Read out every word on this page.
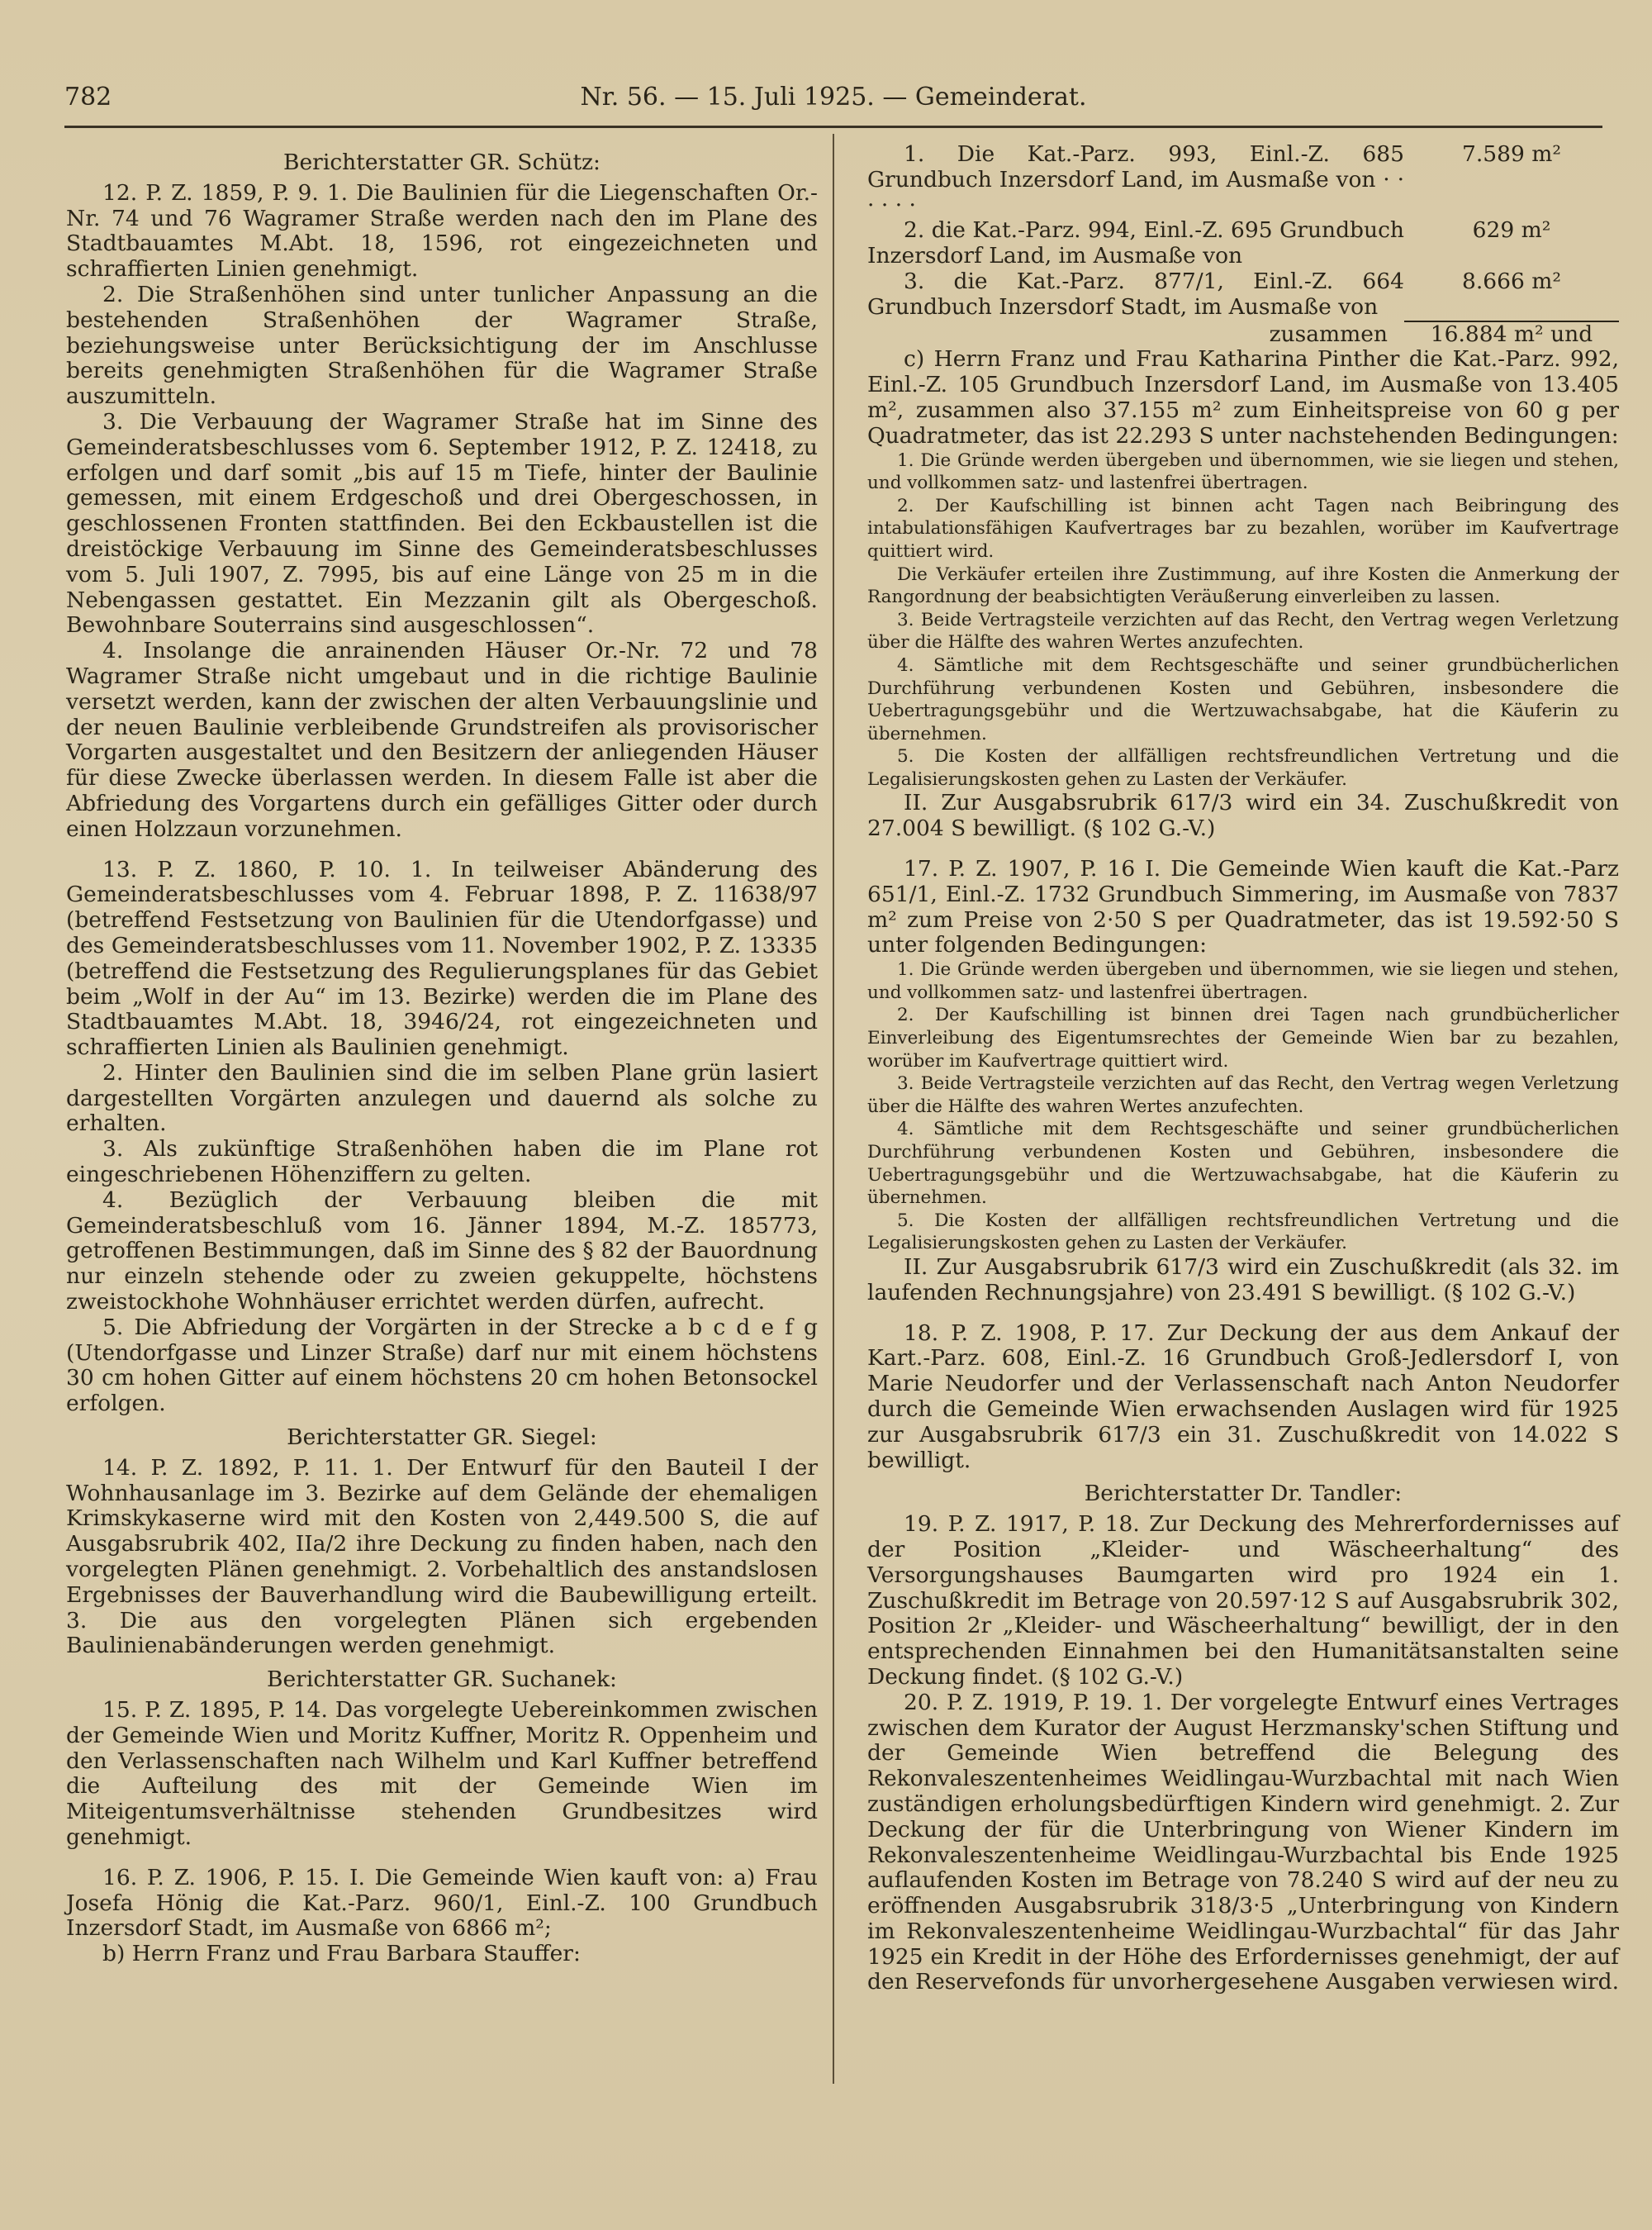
782	Nr. 56. — 15. Juli 1925. — Gemeinderat.
Berichterstatter GR. Schütz:

12. P. Z. 1859, P. 9. 1. Die Baulinien für die Liegenschaften Or.-Nr. 74 und 76 Wagramer Straße werden nach den im Plane des Stadtbauamtes M.Abt. 18, 1596, rot eingezeichneten und schraffierten Linien genehmigt.

2. Die Straßenhöhen sind unter tunlicher Anpassung an die bestehenden Straßenhöhen der Wagramer Straße, beziehungsweise unter Berücksichtigung der im Anschlusse bereits genehmigten Straßenhöhen für die Wagramer Straße auszumitteln.

3. Die Verbauung der Wagramer Straße hat im Sinne des Gemeinderatsbeschlusses vom 6. September 1912, P. Z. 12418, zu erfolgen und darf somit „bis auf 15 m Tiefe, hinter der Baulinie gemessen, mit einem Erdgeschoß und drei Obergeschossen, in geschlossenen Fronten stattfinden. Bei den Eckbaustellen ist die dreistöckige Verbauung im Sinne des Gemeinderatsbeschlusses vom 5. Juli 1907, Z. 7995, bis auf eine Länge von 25 m in die Nebengassen gestattet. Ein Mezzanin gilt als Obergeschoß. Bewohnbare Souterrains sind ausgeschlossen“.

4. Insolange die anrainenden Häuser Or.-Nr. 72 und 78 Wagramer Straße nicht umgebaut und in die richtige Baulinie versetzt werden, kann der zwischen der alten Verbauungslinie und der neuen Baulinie verbleibende Grundstreifen als provisorischer Vorgarten ausgestaltet und den Besitzern der anliegenden Häuser für diese Zwecke überlassen werden. In diesem Falle ist aber die Abfriedung des Vorgartens durch ein gefälliges Gitter oder durch einen Holzzaun vorzunehmen.

13. P. Z. 1860, P. 10. 1. In teilweiser Abänderung des Gemeinderatsbeschlusses vom 4. Februar 1898, P. Z. 11638/97 (betreffend Festsetzung von Baulinien für die Utendorfgasse) und des Gemeinderatsbeschlusses vom 11. November 1902, P. Z. 13335 (betreffend die Festsetzung des Regulierungsplanes für das Gebiet beim „Wolf in der Au“ im 13. Bezirke) werden die im Plane des Stadtbauamtes M.Abt. 18, 3946/24, rot eingezeichneten und schraffierten Linien als Baulinien genehmigt.

2. Hinter den Baulinien sind die im selben Plane grün lasiert dargestellten Vorgärten anzulegen und dauernd als solche zu erhalten.

3. Als zukünftige Straßenhöhen haben die im Plane rot eingeschriebenen Höhenziffern zu gelten.

4. Bezüglich der Verbauung bleiben die mit Gemeinderatsbeschluß vom 16. Jänner 1894, M.-Z. 185773, getroffenen Bestimmungen, daß im Sinne des § 82 der Bauordnung nur einzeln stehende oder zu zweien gekuppelte, höchstens zweistockhohe Wohnhäuser errichtet werden dürfen, aufrecht.

5. Die Abfriedung der Vorgärten in der Strecke a b c d e f g (Utendorfgasse und Linzer Straße) darf nur mit einem höchstens 30 cm hohen Gitter auf einem höchstens 20 cm hohen Betonsockel erfolgen.

Berichterstatter GR. Siegel:

14. P. Z. 1892, P. 11. 1. Der Entwurf für den Bauteil I der Wohnhausanlage im 3. Bezirke auf dem Gelände der ehemaligen Krimskykaserne wird mit den Kosten von 2,449.500 S, die auf Ausgabsrubrik 402, IIa/2 ihre Deckung zu finden haben, nach den vorgelegten Plänen genehmigt. 2. Vorbehaltlich des anstandslosen Ergebnisses der Bauverhandlung wird die Baubewilligung erteilt. 3. Die aus den vorgelegten Plänen sich ergebenden Baulinienabänderungen werden genehmigt.

Berichterstatter GR. Suchanek:

15. P. Z. 1895, P. 14. Das vorgelegte Uebereinkommen zwischen der Gemeinde Wien und Moritz Kuffner, Moritz R. Oppenheim und den Verlassenschaften nach Wilhelm und Karl Kuffner betreffend die Aufteilung des mit der Gemeinde Wien im Miteigentumsverhältnisse stehenden Grundbesitzes wird genehmigt.

16. P. Z. 1906, P. 15. I. Die Gemeinde Wien kauft von: a) Frau Josefa Hönig die Kat.-Parz. 960/1, Einl.-Z. 100 Grundbuch Inzersdorf Stadt, im Ausmaße von 6866 m²;

b) Herrn Franz und Frau Barbara Stauffer:

1. Die Kat.-Parz. 993, Einl.-Z. 685 Grundbuch Inzersdorf Land, im Ausmaße von · · · · · ·
7.589 m²
2. die Kat.-Parz. 994, Einl.-Z. 695 Grundbuch Inzersdorf Land, im Ausmaße von
629 m²
3. die Kat.-Parz. 877/1, Einl.-Z. 664 Grundbuch Inzersdorf Stadt, im Ausmaße von
8.666 m²
zusammen	16.884 m² und

c) Herrn Franz und Frau Katharina Pinther die Kat.-Parz. 992, Einl.-Z. 105 Grundbuch Inzersdorf Land, im Ausmaße von 13.405 m², zusammen also 37.155 m² zum Einheitspreise von 60 g per Quadratmeter, das ist 22.293 S unter nachstehenden Bedingungen:

1. Die Gründe werden übergeben und übernommen, wie sie liegen und stehen, und vollkommen satz- und lastenfrei übertragen.

2. Der Kaufschilling ist binnen acht Tagen nach Beibringung des intabulationsfähigen Kaufvertrages bar zu bezahlen, worüber im Kaufvertrage quittiert wird.

Die Verkäufer erteilen ihre Zustimmung, auf ihre Kosten die Anmerkung der Rangordnung der beabsichtigten Veräußerung einverleiben zu lassen.

3. Beide Vertragsteile verzichten auf das Recht, den Vertrag wegen Verletzung über die Hälfte des wahren Wertes anzufechten.

4. Sämtliche mit dem Rechtsgeschäfte und seiner grundbücherlichen Durchführung verbundenen Kosten und Gebühren, insbesondere die Uebertragungsgebühr und die Wertzuwachsabgabe, hat die Käuferin zu übernehmen.

5. Die Kosten der allfälligen rechtsfreundlichen Vertretung und die Legalisierungskosten gehen zu Lasten der Verkäufer.

II. Zur Ausgabsrubrik 617/3 wird ein 34. Zuschußkredit von 27.004 S bewilligt. (§ 102 G.-V.)

17. P. Z. 1907, P. 16 I. Die Gemeinde Wien kauft die Kat.-Parz 651/1, Einl.-Z. 1732 Grundbuch Simmering, im Ausmaße von 7837 m² zum Preise von 2·50 S per Quadratmeter, das ist 19.592·50 S unter folgenden Bedingungen:

1. Die Gründe werden übergeben und übernommen, wie sie liegen und stehen, und vollkommen satz- und lastenfrei übertragen.

2. Der Kaufschilling ist binnen drei Tagen nach grundbücherlicher Einverleibung des Eigentumsrechtes der Gemeinde Wien bar zu bezahlen, worüber im Kaufvertrage quittiert wird.

3. Beide Vertragsteile verzichten auf das Recht, den Vertrag wegen Verletzung über die Hälfte des wahren Wertes anzufechten.

4. Sämtliche mit dem Rechtsgeschäfte und seiner grundbücherlichen Durchführung verbundenen Kosten und Gebühren, insbesondere die Uebertragungsgebühr und die Wertzuwachsabgabe, hat die Käuferin zu übernehmen.

5. Die Kosten der allfälligen rechtsfreundlichen Vertretung und die Legalisierungskosten gehen zu Lasten der Verkäufer.

II. Zur Ausgabsrubrik 617/3 wird ein Zuschußkredit (als 32. im laufenden Rechnungsjahre) von 23.491 S bewilligt. (§ 102 G.-V.)

18. P. Z. 1908, P. 17. Zur Deckung der aus dem Ankauf der Kart.-Parz. 608, Einl.-Z. 16 Grundbuch Groß-Jedlersdorf I, von Marie Neudorfer und der Verlassenschaft nach Anton Neudorfer durch die Gemeinde Wien erwachsenden Auslagen wird für 1925 zur Ausgabsrubrik 617/3 ein 31. Zuschußkredit von 14.022 S bewilligt.

Berichterstatter Dr. Tandler:

19. P. Z. 1917, P. 18. Zur Deckung des Mehrerfordernisses auf der Position „Kleider- und Wäscheerhaltung“ des Versorgungshauses Baumgarten wird pro 1924 ein 1. Zuschußkredit im Betrage von 20.597·12 S auf Ausgabsrubrik 302, Position 2r „Kleider- und Wäscheerhaltung“ bewilligt, der in den entsprechenden Einnahmen bei den Humanitätsanstalten seine Deckung findet. (§ 102 G.-V.)

20. P. Z. 1919, P. 19. 1. Der vorgelegte Entwurf eines Vertrages zwischen dem Kurator der August Herzmansky'schen Stiftung und der Gemeinde Wien betreffend die Belegung des Rekonvaleszentenheimes Weidlingau-Wurzbachtal mit nach Wien zuständigen erholungsbedürftigen Kindern wird genehmigt. 2. Zur Deckung der für die Unterbringung von Wiener Kindern im Rekonvaleszentenheime Weidlingau-Wurzbachtal bis Ende 1925 auflaufenden Kosten im Betrage von 78.240 S wird auf der neu zu eröffnenden Ausgabsrubrik 318/3·5 „Unterbringung von Kindern im Rekonvaleszentenheime Weidlingau-Wurzbachtal“ für das Jahr 1925 ein Kredit in der Höhe des Erfordernisses genehmigt, der auf den Reservefonds für unvorhergesehene Ausgaben verwiesen wird.
